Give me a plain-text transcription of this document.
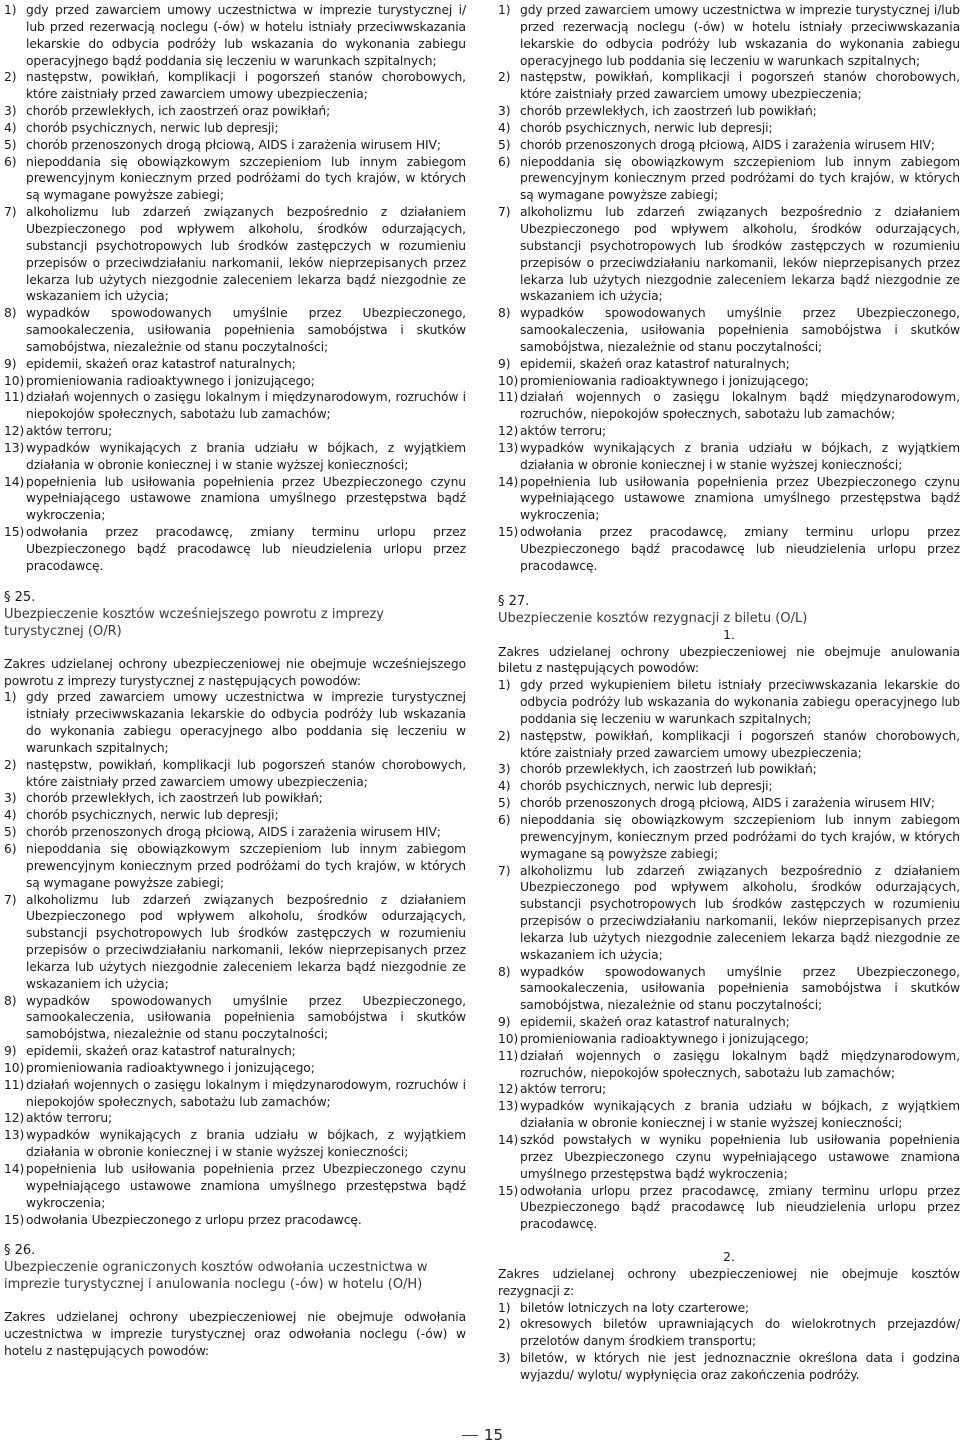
1) gdy przed zawarciem umowy uczestnictwa w imprezie turystycznej i/ lub przed rezerwacją noclegu (-ów) w hotelu istniały przeciwwskazania lekarskie do odbycia podróży lub wskazania do wykonania zabiegu operacyjnego bądź poddania się leczeniu w warunkach szpitalnych;
2) następstw, powikłań, komplikacji i pogorszeń stanów chorobowych, które zaistniały przed zawarciem umowy ubezpieczenia;
3) chorób przewlekłych, ich zaostrzeń oraz powikłań;
4) chorób psychicznych, nerwic lub depresji;
5) chorób przenoszonych drogą płciową, AIDS i zarażenia wirusem HIV;
6) niepoddania się obowiązkowym szczepieniom lub innym zabiegom prewencyjnym koniecznym przed podróżami do tych krajów, w których są wymagane powyższe zabiegi;
7) alkoholizmu lub zdarzeń związanych bezpośrednio z działaniem Ubezpieczonego pod wpływem alkoholu, środków odurzających, substancji psychotropowych lub środków zastępczych w rozumieniu przepisów o przeciwdziałaniu narkomanii, leków nieprzepisanych przez lekarza lub użytych niezgodnie zaleceniem lekarza bądź niezgodnie ze wskazaniem ich użycia;
8) wypadków spowodowanych umyślnie przez Ubezpieczonego, samookaleczenia, usiłowania popełnienia samobójstwa i skutków samobójstwa, niezależnie od stanu poczytalności;
9) epidemii, skażeń oraz katastrof naturalnych;
10) promieniowania radioaktywnego i jonizującego;
11) działań wojennych o zasięgu lokalnym i międzynarodowym, rozruchów i niepokojów społecznych, sabotażu lub zamachów;
12) aktów terroru;
13) wypadków wynikających z brania udziału w bójkach, z wyjątkiem działania w obronie koniecznej i w stanie wyższej konieczności;
14) popełnienia lub usiłowania popełnienia przez Ubezpieczonego czynu wypełniającego ustawowe znamiona umyślnego przestępstwa bądź wykroczenia;
15) odwołania przez pracodawcę, zmiany terminu urlopu przez Ubezpieczonego bądź pracodawcę lub nieudzielenia urlopu przez pracodawcę.
§ 25.
Ubezpieczenie kosztów wcześniejszego powrotu z imprezy turystycznej (O/R)
Zakres udzielanej ochrony ubezpieczeniowej nie obejmuje wcześniejszego powrotu z imprezy turystycznej z następujących powodów:
1) gdy przed zawarciem umowy uczestnictwa w imprezie turystycznej istniały przeciwwskazania lekarskie do odbycia podróży lub wskazania do wykonania zabiegu operacyjnego albo poddania się leczeniu w warunkach szpitalnych;
2) następstw, powikłań, komplikacji lub pogorszeń stanów chorobowych, które zaistniały przed zawarciem umowy ubezpieczenia;
3) chorób przewlekłych, ich zaostrzeń lub powikłań;
4) chorób psychicznych, nerwic lub depresji;
5) chorób przenoszonych drogą płciową, AIDS i zarażenia wirusem HIV;
6) niepoddania się obowiązkowym szczepieniom lub innym zabiegom prewencyjnym koniecznym przed podróżami do tych krajów, w których są wymagane powyższe zabiegi;
7) alkoholizmu lub zdarzeń związanych bezpośrednio z działaniem Ubezpieczonego pod wpływem alkoholu, środków odurzających, substancji psychotropowych lub środków zastępczych w rozumieniu przepisów o przeciwdziałaniu narkomanii, leków nieprzepisanych przez lekarza lub użytych niezgodnie zaleceniem lekarza bądź niezgodnie ze wskazaniem ich użycia;
8) wypadków spowodowanych umyślnie przez Ubezpieczonego, samookaleczenia, usiłowania popełnienia samobójstwa i skutków samobójstwa, niezależnie od stanu poczytalności;
9) epidemii, skażeń oraz katastrof naturalnych;
10) promieniowania radioaktywnego i jonizującego;
11) działań wojennych o zasięgu lokalnym i międzynarodowym, rozruchów i niepokojów społecznych, sabotażu lub zamachów;
12) aktów terroru;
13) wypadków wynikających z brania udziału w bójkach, z wyjątkiem działania w obronie koniecznej i w stanie wyższej konieczności;
14) popełnienia lub usiłowania popełnienia przez Ubezpieczonego czynu wypełniającego ustawowe znamiona umyślnego przestępstwa bądź wykroczenia;
15) odwołania Ubezpieczonego z urlopu przez pracodawcę.
§ 26.
Ubezpieczenie ograniczonych kosztów odwołania uczestnictwa w imprezie turystycznej i anulowania noclegu (-ów) w hotelu (O/H)
Zakres udzielanej ochrony ubezpieczeniowej nie obejmuje odwołania uczestnictwa w imprezie turystycznej oraz odwołania noclegu (-ów) w hotelu z następujących powodów:
1) gdy przed zawarciem umowy uczestnictwa w imprezie turystycznej i/lub przed rezerwacją noclegu (-ów) w hotelu istniały przeciwwskazania lekarskie do odbycia podróży lub wskazania do wykonania zabiegu operacyjnego lub poddania się leczeniu w warunkach szpitalnych;
2) następstw, powikłań, komplikacji i pogorszeń stanów chorobowych, które zaistniały przed zawarciem umowy ubezpieczenia;
3) chorób przewlekłych, ich zaostrzeń lub powikłań;
4) chorób psychicznych, nerwic lub depresji;
5) chorób przenoszonych drogą płciową, AIDS i zarażenia wirusem HIV;
6) niepoddania się obowiązkowym szczepieniom lub innym zabiegom prewencyjnym koniecznym przed podróżami do tych krajów, w których są wymagane powyższe zabiegi;
7) alkoholizmu lub zdarzeń związanych bezpośrednio z działaniem Ubezpieczonego pod wpływem alkoholu, środków odurzających, substancji psychotropowych lub środków zastępczych w rozumieniu przepisów o przeciwdziałaniu narkomanii, leków nieprzepisanych przez lekarza lub użytych niezgodnie zaleceniem lekarza bądź niezgodnie ze wskazaniem ich użycia;
8) wypadków spowodowanych umyślnie przez Ubezpieczonego, samookaleczenia, usiłowania popełnienia samobójstwa i skutków samobójstwa, niezależnie od stanu poczytalności;
9) epidemii, skażeń oraz katastrof naturalnych;
10) promieniowania radioaktywnego i jonizującego;
11) działań wojennych o zasięgu lokalnym bądź międzynarodowym, rozruchów, niepokojów społecznych, sabotażu lub zamachów;
12) aktów terroru;
13) wypadków wynikających z brania udziału w bójkach, z wyjątkiem działania w obronie koniecznej i w stanie wyższej konieczności;
14) popełnienia lub usiłowania popełnienia przez Ubezpieczonego czynu wypełniającego ustawowe znamiona umyślnego przestępstwa bądź wykroczenia;
15) odwołania przez pracodawcę, zmiany terminu urlopu przez Ubezpieczonego bądź pracodawcę lub nieudzielenia urlopu przez pracodawcę.
§ 27.
Ubezpieczenie kosztów rezygnacji z biletu (O/L)
1.
Zakres udzielanej ochrony ubezpieczeniowej nie obejmuje anulowania biletu z następujących powodów:
1) gdy przed wykupieniem biletu istniały przeciwwskazania lekarskie do odbycia podróży lub wskazania do wykonania zabiegu operacyjnego lub poddania się leczeniu w warunkach szpitalnych;
2) następstw, powikłań, komplikacji i pogorszeń stanów chorobowych, które zaistniały przed zawarciem umowy ubezpieczenia;
3) chorób przewlekłych, ich zaostrzeń lub powikłań;
4) chorób psychicznych, nerwic lub depresji;
5) chorób przenoszonych drogą płciową, AIDS i zarażenia wirusem HIV;
6) niepoddania się obowiązkowym szczepieniom lub innym zabiegom prewencyjnym, koniecznym przed podróżami do tych krajów, w których wymagane są powyższe zabiegi;
7) alkoholizmu lub zdarzeń związanych bezpośrednio z działaniem Ubezpieczonego pod wpływem alkoholu, środków odurzających, substancji psychotropowych lub środków zastępczych w rozumieniu przepisów o przeciwdziałaniu narkomanii, leków nieprzepisanych przez lekarza lub użytych niezgodnie zaleceniem lekarza bądź niezgodnie ze wskazaniem ich użycia;
8) wypadków spowodowanych umyślnie przez Ubezpieczonego, samookaleczenia, usiłowania popełnienia samobójstwa i skutków samobójstwa, niezależnie od stanu poczytalności;
9) epidemii, skażeń oraz katastrof naturalnych;
10) promieniowania radioaktywnego i jonizującego;
11) działań wojennych o zasięgu lokalnym bądź międzynarodowym, rozruchów, niepokojów społecznych, sabotażu lub zamachów;
12) aktów terroru;
13) wypadków wynikających z brania udziału w bójkach, z wyjątkiem działania w obronie koniecznej i w stanie wyższej konieczności;
14) szkód powstałych w wyniku popełnienia lub usiłowania popełnienia przez Ubezpieczonego czynu wypełniającego ustawowe znamiona umyślnego przestępstwa bądź wykroczenia;
15) odwołania urlopu przez pracodawcę, zmiany terminu urlopu przez Ubezpieczonego bądź pracodawcę lub nieudzielenia urlopu przez pracodawcę.
2.
Zakres udzielanej ochrony ubezpieczeniowej nie obejmuje kosztów rezygnacji z:
1) biletów lotniczych na loty czarterowe;
2) okresowych biletów uprawniających do wielokrotnych przejazdów/ przelotów danym środkiem transportu;
3) biletów, w których nie jest jednoznacznie określona data i godzina wyjazdu/ wylotu/ wypłynięcia oraz zakończenia podróży.
15
